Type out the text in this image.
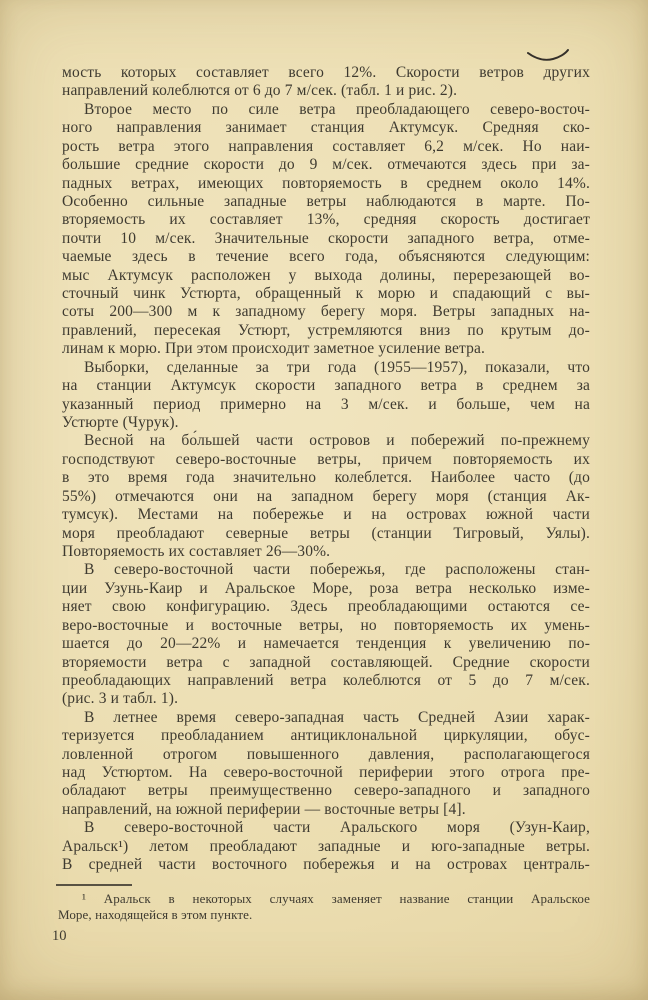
мость которых составляет всего 12%. Скорости ветров других
направлений колеблются от 6 до 7 м/сек. (табл. 1 и рис. 2).

Второе место по силе ветра преобладающего северо-восточ-
ного направления занимает станция Актумсук. Средняя ско-
рость ветра этого направления составляет 6,2 м/сек. Но наи-
большие средние скорости до 9 м/сек. отмечаются здесь при за-
падных ветрах, имеющих повторяемость в среднем около 14%.
Особенно сильные западные ветры наблюдаются в марте. По-
вторяемость их составляет 13%, средняя скорость достигает
почти 10 м/сек. Значительные скорости западного ветра, отме-
чаемые здесь в течение всего года, объясняются следующим:
мыс Актумсук расположен у выхода долины, перерезающей во-
сточный чинк Устюрта, обращенный к морю и спадающий с вы-
соты 200—300 м к западному берегу моря. Ветры западных на-
правлений, пересекая Устюрт, устремляются вниз по крутым до-
линам к морю. При этом происходит заметное усиление ветра.

Выборки, сделанные за три года (1955—1957), показали, что
на станции Актумсук скорости западного ветра в среднем за
указанный период примерно на 3 м/сек. и больше, чем на
Устюрте (Чурук).

Весной на бо́льшей части островов и побережий по-прежнему
господствуют северо-восточные ветры, причем повторяемость их
в это время года значительно колеблется. Наиболее часто (до
55%) отмечаются они на западном берегу моря (станция Ак-
тумсук). Местами на побережье и на островах южной части
моря преобладают северные ветры (станции Тигровый, Уялы).
Повторяемость их составляет 26—30%.

В северо-восточной части побережья, где расположены стан-
ции Узунь-Каир и Аральское Море, роза ветра несколько изме-
няет свою конфигурацию. Здесь преобладающими остаются се-
веро-восточные и восточные ветры, но повторяемость их умень-
шается до 20—22% и намечается тенденция к увеличению по-
вторяемости ветра с западной составляющей. Средние скорости
преобладающих направлений ветра колеблются от 5 до 7 м/сек.
(рис. 3 и табл. 1).

В летнее время северо-западная часть Средней Азии харак-
теризуется преобладанием антициклональной циркуляции, обус-
ловленной отрогом повышенного давления, располагающегося
над Устюртом. На северо-восточной периферии этого отрога пре-
обладают ветры преимущественно северо-западного и западного
направлений, на южной периферии — восточные ветры [4].

В северо-восточной части Аральского моря (Узун-Каир,
Аральск¹) летом преобладают западные и юго-западные ветры.
В средней части восточного побережья и на островах централь-

¹ Аральск в некоторых случаях заменяет название станции Аральское
Море, находящейся в этом пункте.

10
